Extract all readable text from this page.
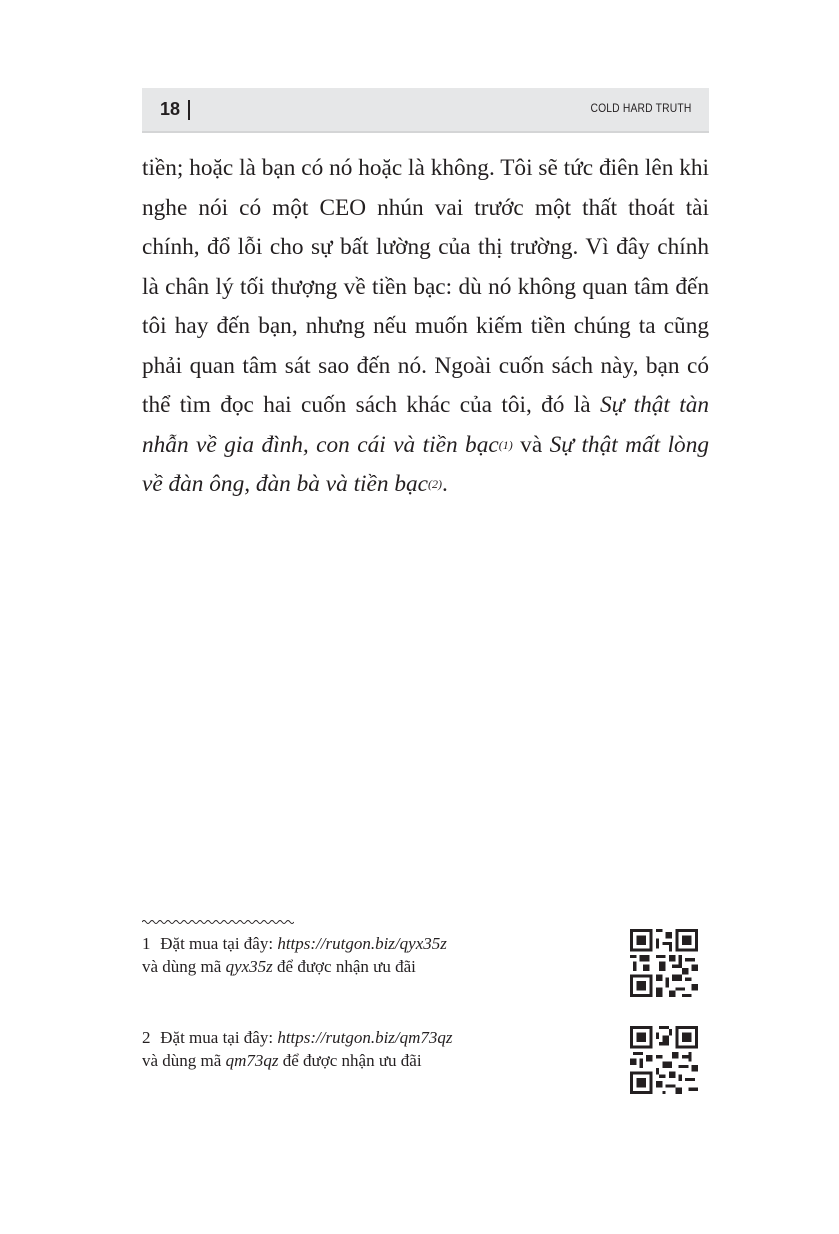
18	COLD HARD TRUTH

tiền; hoặc là bạn có nó hoặc là không. Tôi sẽ tức điên lên khi nghe nói có một CEO nhún vai trước một thất thoát tài chính, đổ lỗi cho sự bất lường của thị trường. Vì đây chính là chân lý tối thượng về tiền bạc: dù nó không quan tâm đến tôi hay đến bạn, nhưng nếu muốn kiếm tiền chúng ta cũng phải quan tâm sát sao đến nó. Ngoài cuốn sách này, bạn có thể tìm đọc hai cuốn sách khác của tôi, đó là Sự thật tàn nhẫn về gia đình, con cái và tiền bạc$^{(1)}$ và Sự thật mất lòng về đàn ông, đàn bà và tiền bạc$^{(2)}$.

1 Đặt mua tại đây: https://rutgon.biz/qyx35z
và dùng mã qyx35z để được nhận ưu đãi
2 Đặt mua tại đây: https://rutgon.biz/qm73qz
và dùng mã qm73qz để được nhận ưu đãi
